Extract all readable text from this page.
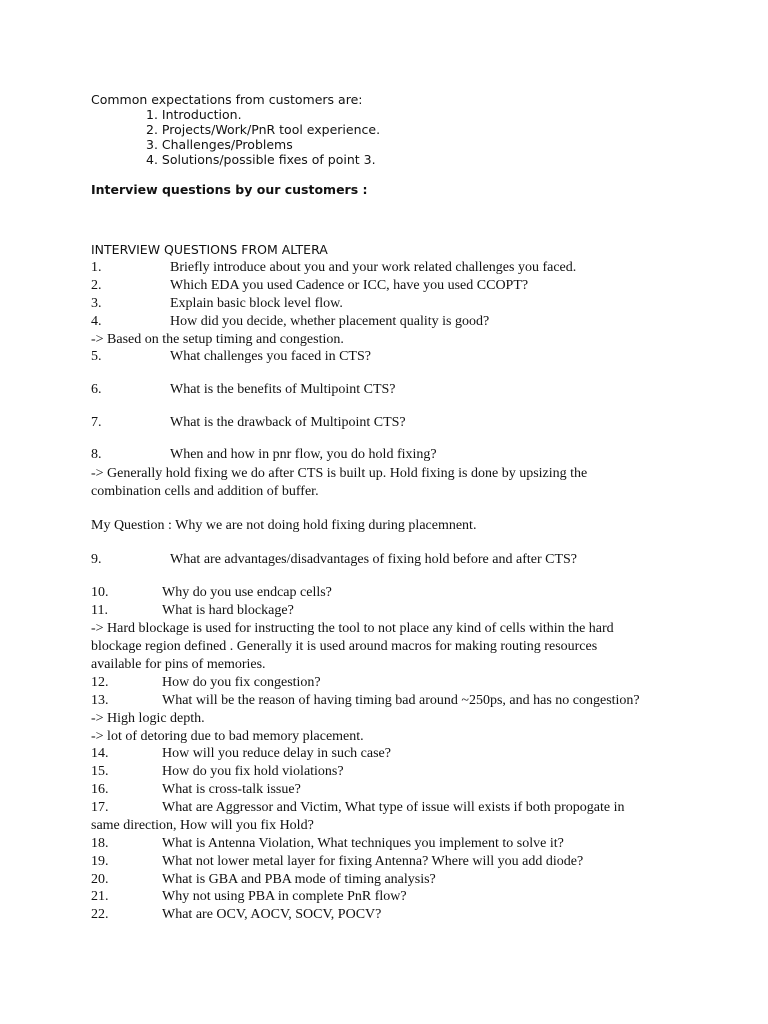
Common expectations from customers are:
1. Introduction.
2. Projects/Work/PnR tool experience.
3. Challenges/Problems
4. Solutions/possible fixes of point 3.
Interview questions by our customers :
INTERVIEW QUESTIONS FROM ALTERA
1.	Briefly introduce about you and your work related challenges you faced.
2.	Which EDA you used Cadence or ICC, have you used CCOPT?
3.	Explain basic block level flow.
4.	How did you decide, whether placement quality is good?
-> Based on the setup timing and congestion.
5.	What challenges you faced in CTS?
6.	What is the benefits of Multipoint CTS?
7.	What is the drawback of Multipoint CTS?
8.	When and how in pnr flow, you do hold fixing?
-> Generally hold fixing we do after CTS is built up. Hold fixing is done by upsizing the
combination cells and addition of buffer.
My Question : Why we are not doing hold fixing during placemnent.
9.	What are advantages/disadvantages of fixing hold before and after CTS?
10.	Why do you use endcap cells?
11.	What is hard blockage?
-> Hard blockage is used for instructing the tool to not place any kind of cells within the hard
blockage region defined . Generally it is used around macros for making routing resources
available for pins of memories.
12.	How do you fix congestion?
13.	What will be the reason of having timing bad around ~250ps, and has no congestion?
-> High logic depth.
-> lot of detoring due to bad memory placement.
14.	How will you reduce delay in such case?
15.	How do you fix hold violations?
16.	What is cross-talk issue?
17.	What are Aggressor and Victim, What type of issue will exists if both propogate in
same direction, How will you fix Hold?
18.	What is Antenna Violation, What techniques you implement to solve it?
19.	What not lower metal layer for fixing Antenna? Where will you add diode?
20.	What is GBA and PBA mode of timing analysis?
21.	Why not using PBA in complete PnR flow?
22.	What are OCV, AOCV, SOCV, POCV?
